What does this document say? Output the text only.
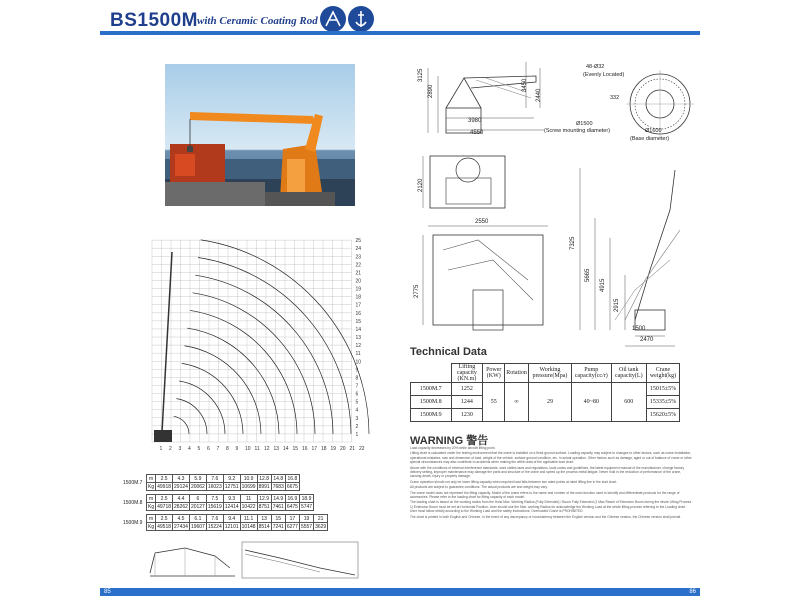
BS1500M with Ceramic Coating Rod
1
2
3
4
5
6
7
8
9
10
11
12
13
14
15
16
17
18
19
20
21
22
23
24
25
1 2 3 4 5 6 7 8 9 10 11 12 13 14 15 16 17 18 19 20 21 22
1500M.7	m	2.5	4.3	5.9	7.6	9.2	10.9	12.8	14.8	16.8		
	Kg	49918	29124	20062	16023	12751	10699	8991	7683	6675		

1500M.8	m	2.5	4.4	6	7.5	9.3	11	12.9	14.9	16.9	18.9	
	Kg	49718	28262	20127	15619	12414	10422	8751	7461	6475	5747	

1500M.9	m	2.5	4.5	6.1	7.6	9.4	11.1	13	15	17	19	21
	Kg	49518	27434	19607	15224	12101	10148	8514	7241	6277	5557	3629

3125
2890	3450
2440
3980
4550
48-Ø32
(Evenly Located)
332
Ø1500
(Screw mounting diameter)	Ø1600
(Base diameter)
2120
2550
2775
7325
5665
4915
2915
1500
2470
Technical Data
	Lifting capacity (KN.m)	Power (KW)	Rotation	Working pressure(Mpa)	Pump capacity(cc/r)	Oil tank capacity(L)	Crane weight(kg)
1500M.7	1252	55	∞	29	40~80	600	15015±5%
1500M.8	1244						15335±5%
1500M.9	1230						15620±5%
WARNING 警告

Load capacity decreases by 20% while aircraft lifting point.

Lifting chart is calculated under the testing environment that the crane is installed on a fixed-ground surface. Loading capacity may subject to changes to other factors, such as crane installation, operational mistakes, size and dimension of load, weight of the vehicle, surface ground condition, etc. In actual operation. Other factors such as damage, aged or out of balance of crane or other special circumstances may also contribute to accidents when making the within data of the applicable load chart.

Above with the conditions of external interference standards, work cables laws and regulations, local codes and guidelines, the latest equipment manual of the manufacturer, change factory delivery setting, improper maintenance may damage the parts and structure of the crane and speed up the process metal fatigue. Never hold in the reduction of performance of the crane, causing death, injury or property damage.

Crane operation should not only be lower lifting capacity when required load falls between two rated points at rated lifting line in the load chart.

All products are subject to guarantee conditions. The actual products are and weight may vary.

The crane model does not represent the lifting capacity. Model of the crane refers to the name and number of the main function used to identify and differentiate products for the range of accessories. Please refer to the loading chart for lifting capacity of each model.

The loading chart is based on the working radius from the Hoist Max. Working Radius (Fully Extended) / Boom Fully Extended (1 Max Reach of Extension Boom during the whole Lifting Process 1) Extension Boom must be set at Horizontal Position. User should use the Max. working Radius for acknowledge the Working Load at the whole lifting process referring to the Loading chart. User must follow strictly according to the Working Load and the safety instructions. Overloaded Crane is PROHIBITED.

The chart is printed in both English and Chinese. In the event of any discrepancy or inconsistency between the English version and the Chinese version, the Chinese version shall prevail.

85	86
